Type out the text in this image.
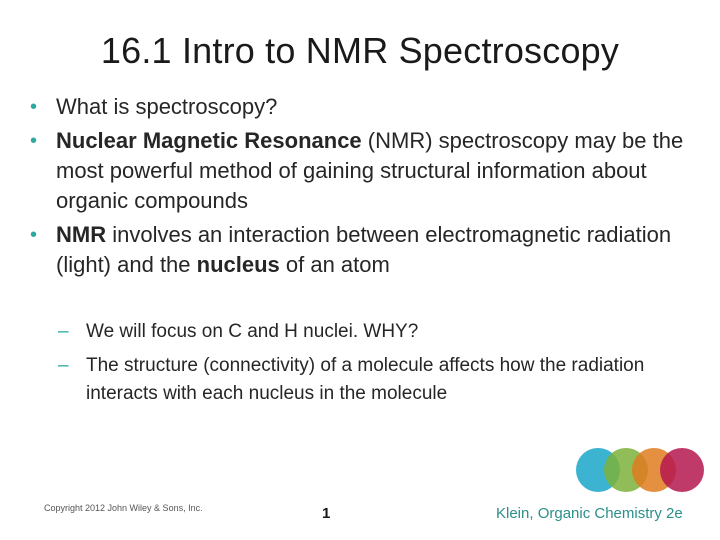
16.1 Intro to NMR Spectroscopy
• What is spectroscopy?
• Nuclear Magnetic Resonance (NMR) spectroscopy may be the most powerful method of gaining structural information about organic compounds
• NMR involves an interaction between electromagnetic radiation (light) and the nucleus of an atom
– We will focus on C and H nuclei. WHY?
– The structure (connectivity) of a molecule affects how the radiation interacts with each nucleus in the molecule
Copyright 2012 John Wiley & Sons, Inc.	1	Klein, Organic Chemistry 2e
